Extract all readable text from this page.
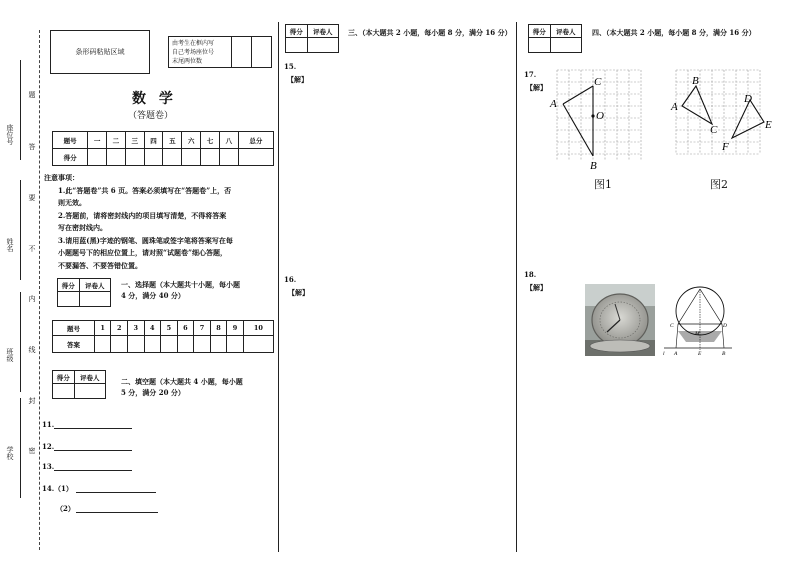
座位号
姓名
班级
学校
题
答
要
不
内
线
封
密
条形码粘贴区域
由考生在框内写
自己考场座位号
末尾两位数
数 学
（答题卷）
题号	一	二	三	四	五	六	七	八	总分
得分									
注意事项：
1.此“答题卷”共 6 页。答案必须填写在“答题卷”上，否
则无效。
2.答题前，请将密封线内的项目填写清楚，不得将答案
写在密封线内。
3.请用蓝(黑)字迹的钢笔、圆珠笔或签字笔将答案写在每
小题题号下的相应位置上，请对照“试题卷”细心答题，
不要漏答、不要答错位置。
得分	评卷人
	一、选择题（本大题共十小题，每小题
4 分，满分 40 分）
题号	1	2	3	4	5	6	7	8	9	10
答案										
得分	评卷人
		二、填空题（本大题共 4 小题，每小题
5 分，满分 20 分）
11.
12.
13.
14. （1）
（2）
得分	评卷人
	三、（本大题共 2 小题，每小题 8 分，满分 16 分）
15.
【解】
16.
【解】
得分	评卷人
	四、（本大题共 2 小题，每小题 8 分，满分 16 分）
17.
【解】	C
A
O
B
图1
B
A
C
D
E
F
图2
18.
【解】
C	D
M
l A	E	B
